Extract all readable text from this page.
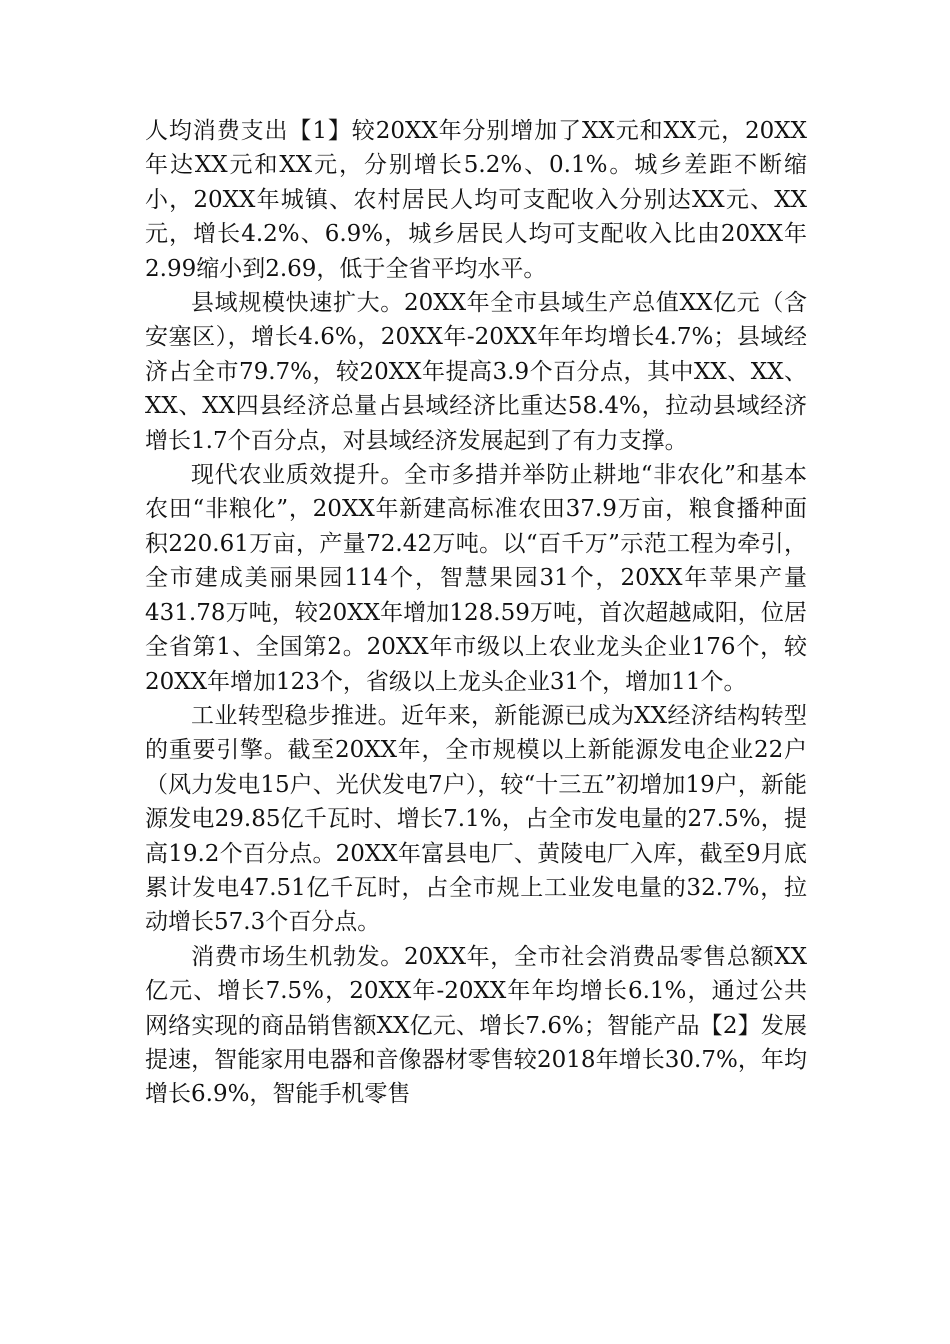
人均消费支出【1】较20XX年分别增加了XX元和XX元，20XX年达XX元和XX元，分别增长5.2%、0.1%。城乡差距不断缩小，20XX年城镇、农村居民人均可支配收入分别达XX元、XX元，增长4.2%、6.9%，城乡居民人均可支配收入比由20XX年2.99缩小到2.69，低于全省平均水平。

县域规模快速扩大。20XX年全市县域生产总值XX亿元（含安塞区），增长4.6%，20XX年-20XX年年均增长4.7%；县域经济占全市79.7%，较20XX年提高3.9个百分点，其中XX、XX、XX、XX四县经济总量占县域经济比重达58.4%，拉动县域经济增长1.7个百分点，对县域经济发展起到了有力支撑。

现代农业质效提升。全市多措并举防止耕地“非农化”和基本农田“非粮化”，20XX年新建高标准农田37.9万亩，粮食播种面积220.61万亩，产量72.42万吨。以“百千万”示范工程为牵引，全市建成美丽果园114个，智慧果园31个，20XX年苹果产量431.78万吨，较20XX年增加128.59万吨，首次超越咸阳，位居全省第1、全国第2。20XX年市级以上农业龙头企业176个，较20XX年增加123个，省级以上龙头企业31个，增加11个。

工业转型稳步推进。近年来，新能源已成为XX经济结构转型的重要引擎。截至20XX年，全市规模以上新能源发电企业22户（风力发电15户、光伏发电7户），较“十三五”初增加19户，新能源发电29.85亿千瓦时、增长7.1%，占全市发电量的27.5%，提高19.2个百分点。20XX年富县电厂、黄陵电厂入库，截至9月底累计发电47.51亿千瓦时，占全市规上工业发电量的32.7%，拉动增长57.3个百分点。

消费市场生机勃发。20XX年，全市社会消费品零售总额XX亿元、增长7.5%，20XX年-20XX年年均增长6.1%，通过公共网络实现的商品销售额XX亿元、增长7.6%；智能产品【2】发展提速，智能家用电器和音像器材零售较2018年增长30.7%，年均增长6.9%，智能手机零售
